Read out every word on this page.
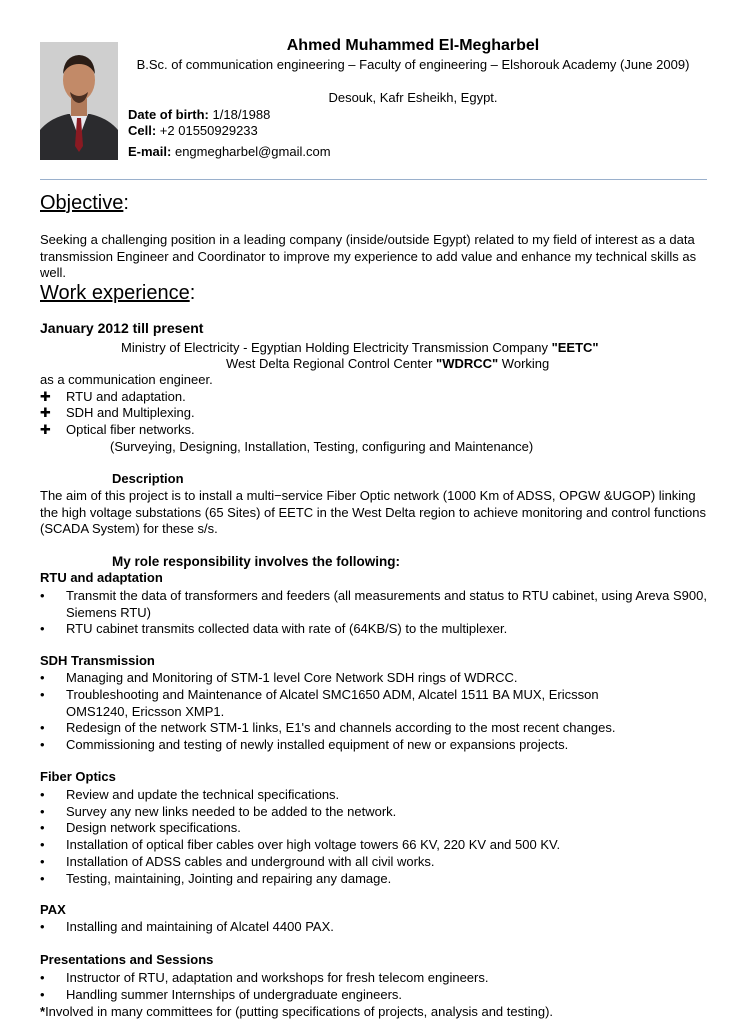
Ahmed Muhammed El-Megharbel
B.Sc. of communication engineering – Faculty of engineering – Elshorouk Academy (June 2009)
Desouk, Kafr Esheikh, Egypt.
Date of birth: 1/18/1988
Cell: +2 01550929233
E-mail: engmegharbel@gmail.com
Objective:
Seeking a challenging position in a leading company (inside/outside Egypt) related to my field of interest as a data transmission Engineer and Coordinator to improve my experience to add value and enhance my technical skills as well.
Work experience:
January 2012 till present
Ministry of Electricity - Egyptian Holding Electricity Transmission Company "EETC"
West Delta Regional Control Center "WDRCC" Working
as a communication engineer.
✚ RTU and adaptation.
✚ SDH and Multiplexing.
✚ Optical fiber networks.
(Surveying, Designing, Installation, Testing, configuring and Maintenance)
Description
The aim of this project is to install a multi−service Fiber Optic network (1000 Km of ADSS, OPGW &UGOP) linking the high voltage substations (65 Sites) of EETC in the West Delta region to achieve monitoring and control functions (SCADA System) for these s/s.
My role responsibility involves the following:
RTU and adaptation
•	Transmit the data of transformers and feeders (all measurements and status to RTU cabinet, using Areva S900, Siemens RTU)
•	RTU cabinet transmits collected data with rate of (64KB/S) to the multiplexer.
SDH Transmission
•	Managing and Monitoring of STM-1 level Core Network SDH rings of WDRCC.
•	Troubleshooting and Maintenance of Alcatel SMC1650 ADM, Alcatel 1511 BA MUX, Ericsson OMS1240, Ericsson XMP1.
•	Redesign of the network STM-1 links, E1's and channels according to the most recent changes.
•	Commissioning and testing of newly installed equipment of new or expansions projects.
Fiber Optics
•	Review and update the technical specifications.
•	Survey any new links needed to be added to the network.
•	Design network specifications.
•	Installation of optical fiber cables over high voltage towers 66 KV, 220 KV and 500 KV.
•	Installation of ADSS cables and underground with all civil works.
•	Testing, maintaining, Jointing and repairing any damage.
PAX
•	Installing and maintaining of Alcatel 4400 PAX.
Presentations and Sessions
•	Instructor of RTU, adaptation and workshops for fresh telecom engineers.
•	Handling summer Internships of undergraduate engineers.
*Involved in many committees for (putting specifications of projects, analysis and testing).
